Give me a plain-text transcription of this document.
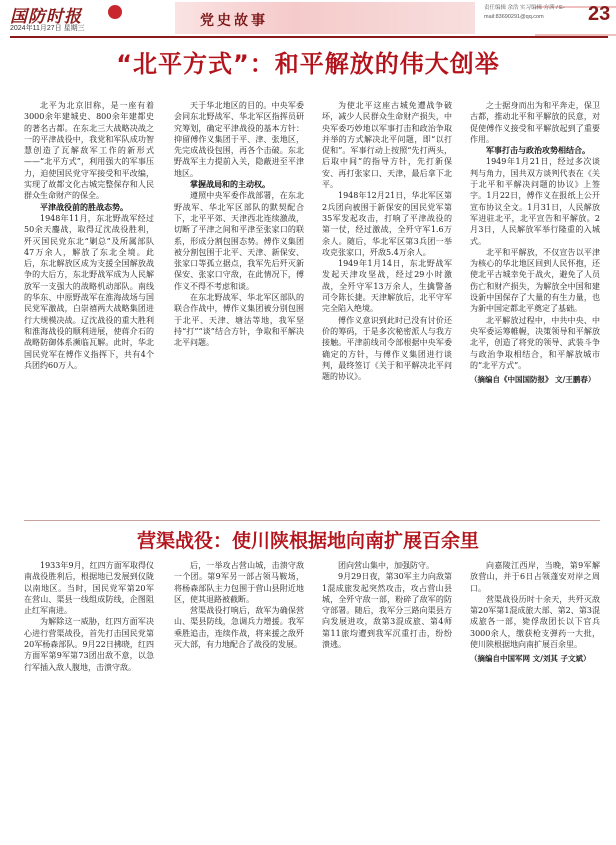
国防时报
2024年11月27日 星期三	党史故事
责任编辑 余浩 实习编辑 方茜 / E-mail:83690291@qq.com	23
“北平方式”：和平解放的伟大创举

北平为北京旧称，是一座有着3000余年建城史、800余年建都史的著名古都。在东北三大战略决战之一的平津战役中，我党和军队成功智慧创造了瓦解敌军工作的新形式——“北平方式”，利用强大的军事压力，迫使国民党守军接受和平改编，实现了故都文化古城完整保存和人民群众生命财产的保全。

平津战役前的胜战态势。

1948年11月，东北野战军经过50余天鏖战，取得辽沈战役胜利，歼灭国民党东北“剿总”及所属部队47万余人，解放了东北全境。此后，东北解放区成为支援全国解放战争的大后方，东北野战军成为人民解放军一支强大的战略机动部队。南线的华东、中原野战军在淮海战场与国民党军激战，白崇禧两大战略集团进行大规模决战。辽沈战役的重大胜利和淮海战役的顺利进展，使蒋介石的战略防御体系濒临瓦解。此时，华北国民党军在傅作义指挥下，共有4个兵团约60万人。

天于华北地区的目的。中央军委会同东北野战军、华北军区指挥员研究筹划，确定平津战役的基本方针：抑留傅作义集团于平、津、张地区，先完成战役包围，再各个击破。东北野战军主力提前入关，隐蔽进至平津地区。

掌握战局和的主动权。

遵照中央军委作战部署，在东北野战军、华北军区部队的默契配合下，北平平郊、天津西北连续激战，切断了平津之间和平津至张家口的联系，形成分割包围态势。傅作义集团被分割包围于北平、天津、新保安、张家口等孤立据点，我军先后歼灭新保安、张家口守敌，在此情况下，傅作义不得不考虑和谈。

在东北野战军、华北军区部队的联合作战中，傅作义集团被分别包围于北平、天津、塘沽等地，我军坚持“打”“谈”结合方针，争取和平解决北平问题。

为使北平这座古城免遭战争破坏，减少人民群众生命财产损失，中央军委巧妙地以军事打击和政治争取并举的方式解决北平问题，即“以打促和”。军事行动上按照“先打两头，后取中间”的指导方针，先打新保安、再打张家口、天津，最后拿下北平。

1948年12月21日，华北军区第2兵团向被围于新保安的国民党军第35军发起攻击，打响了平津战役的第一仗，经过激战，全歼守军1.6万余人。随后，华北军区第3兵团一举攻克张家口，歼敌5.4万余人。

1949年1月14日，东北野战军发起天津攻坚战，经过29小时激战，全歼守军13万余人，生擒警备司令陈长捷。天津解放后，北平守军完全陷入绝境。

傅作义意识到此时已没有讨价还价的筹码，于是多次秘密派人与我方接触。平津前线司令部根据中央军委确定的方针，与傅作义集团进行谈判，最终签订《关于和平解决北平问题的协议》。

之士据身而出为和平奔走，保卫古都，推动北平和平解放的民意，对促使傅作义接受和平解放起到了重要作用。

军事打击与政治攻势相结合。

1949年1月21日，经过多次谈判与角力，国共双方谈判代表在《关于北平和平解决问题的协议》上签字。1月22日，傅作义在报纸上公开宣布协议全文。1月31日，人民解放军进驻北平，北平宣告和平解放。2月3日，人民解放军举行隆重的入城式。

北平和平解放，不仅宣告以平津为核心的华北地区回到人民怀抱，还使北平古城幸免于战火，避免了人员伤亡和财产损失，为解放全中国和建设新中国保存了大量的有生力量，也为新中国定都北平奠定了基础。

北平解放过程中，中共中央、中央军委运筹帷幄，决策领导和平解放北平，创造了将党的领导、武装斗争与政治争取相结合，和平解放城市的“北平方式”。

（摘编自《中国国防报》 文/王鹏春）

营渠战役：使川陕根据地向南扩展百余里

1933年9月，红四方面军取得仪南战役胜利后，根据地已发展到仪陇以南地区。当时，国民党军第20军在营山、渠县一线组成防线，企图阻止红军南进。

为解除这一威胁，红四方面军决心进行营渠战役，首先打击国民党第20军杨森部队。9月22日拂晓，红四方面军第9军第73团出敌不意，以急行军插入敌人腹地，击溃守敌。

后，一举攻占营山城，击溃守敌一个团。第9军另一部占领马鞍场，将杨森部队主力包围于营山县附近地区，使其退路被截断。

营渠战役打响后，敌军为确保营山、渠县防线，急调兵力增援。我军乘胜追击，连续作战，将来援之敌歼灭大部，有力地配合了战役的发展。

团向营山集中，加强防守。

9月29日夜，第30军主力向敌第1混成旅发起突然攻击，攻占营山县城，全歼守敌一部，粉碎了敌军的防守部署。随后，我军分三路向渠县方向发展进攻，敌第3混成旅、第4师第11旅均遭到我军沉重打击，纷纷溃逃。

向嘉陵江西岸，当晚，第9军解放营山，并于6日占领蓬安对岸之周口。

营渠战役历时十余天，共歼灭敌第20军第1混成旅大部、第2、第3混成旅各一部，毙俘敌团长以下官兵3000余人，缴获枪支弹药一大批，使川陕根据地向南扩展百余里。

（摘编自中国军网 文/刘其 子文斌）
